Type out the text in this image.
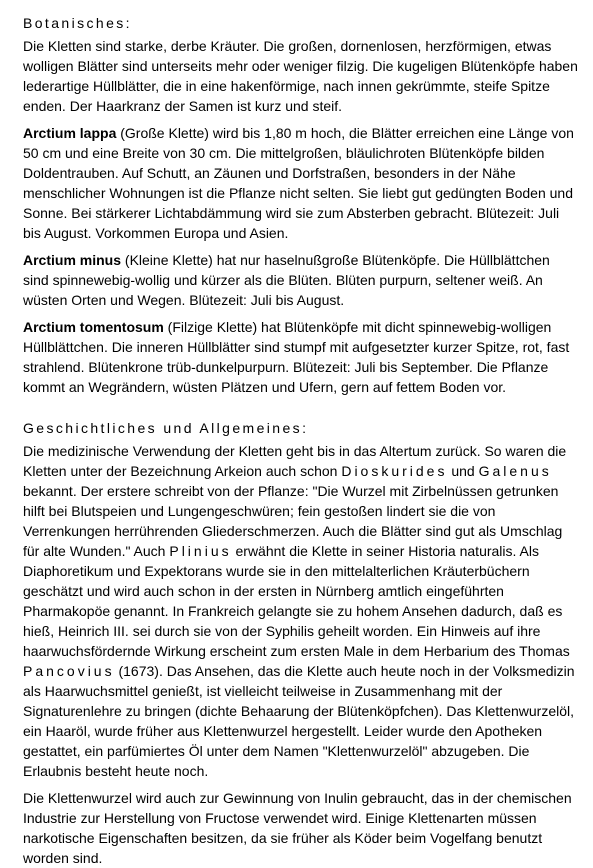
Botanisches:

Die Kletten sind starke, derbe Kräuter. Die großen, dornenlosen, herzförmigen, etwas wolligen Blätter sind unterseits mehr oder weniger filzig. Die kugeligen Blütenköpfe haben lederartige Hüllblätter, die in eine hakenförmige, nach innen gekrümmte, steife Spitze enden. Der Haarkranz der Samen ist kurz und steif.

Arctium lappa (Große Klette) wird bis 1,80 m hoch, die Blätter erreichen eine Länge von 50 cm und eine Breite von 30 cm. Die mittelgroßen, bläulichroten Blütenköpfe bilden Doldentrauben. Auf Schutt, an Zäunen und Dorfstraßen, besonders in der Nähe menschlicher Wohnungen ist die Pflanze nicht selten. Sie liebt gut gedüngten Boden und Sonne. Bei stärkerer Lichtabdämmung wird sie zum Absterben gebracht. Blütezeit: Juli bis August. Vorkommen Europa und Asien.

Arctium minus (Kleine Klette) hat nur haselnußgroße Blütenköpfe. Die Hüllblättchen sind spinnewebig-wollig und kürzer als die Blüten. Blüten purpurn, seltener weiß. An wüsten Orten und Wegen. Blütezeit: Juli bis August.

Arctium tomentosum (Filzige Klette) hat Blütenköpfe mit dicht spinnewebig-wolligen Hüllblättchen. Die inneren Hüllblätter sind stumpf mit aufgesetzter kurzer Spitze, rot, fast strahlend. Blütenkrone trüb-dunkelpurpurn. Blütezeit: Juli bis September. Die Pflanze kommt an Wegrändern, wüsten Plätzen und Ufern, gern auf fettem Boden vor.

Geschichtliches und Allgemeines:

Die medizinische Verwendung der Kletten geht bis in das Altertum zurück. So waren die Kletten unter der Bezeichnung Arkeion auch schon Dioskurides und Galenus bekannt. Der erstere schreibt von der Pflanze: "Die Wurzel mit Zirbelnüssen getrunken hilft bei Blutspeien und Lungengeschwüren; fein gestoßen lindert sie die von Verrenkungen herrührenden Gliederschmerzen. Auch die Blätter sind gut als Umschlag für alte Wunden." Auch Plinius erwähnt die Klette in seiner Historia naturalis. Als Diaphoretikum und Expektorans wurde sie in den mittelalterlichen Kräuterbüchern geschätzt und wird auch schon in der ersten in Nürnberg amtlich eingeführten Pharmakopöe genannt. In Frankreich gelangte sie zu hohem Ansehen dadurch, daß es hieß, Heinrich III. sei durch sie von der Syphilis geheilt worden. Ein Hinweis auf ihre haarwuchsfördernde Wirkung erscheint zum ersten Male in dem Herbarium des Thomas Pancovius (1673). Das Ansehen, das die Klette auch heute noch in der Volksmedizin als Haarwuchsmittel genießt, ist vielleicht teilweise in Zusammenhang mit der Signaturenlehre zu bringen (dichte Behaarung der Blütenköpfchen). Das Klettenwurzelöl, ein Haaröl, wurde früher aus Klettenwurzel hergestellt. Leider wurde den Apotheken gestattet, ein parfümiertes Öl unter dem Namen "Klettenwurzelöl" abzugeben. Die Erlaubnis besteht heute noch.

Die Klettenwurzel wird auch zur Gewinnung von Inulin gebraucht, das in der chemischen Industrie zur Herstellung von Fructose verwendet wird. Einige Klettenarten müssen narkotische Eigenschaften besitzen, da sie früher als Köder beim Vogelfang benutzt worden sind.
